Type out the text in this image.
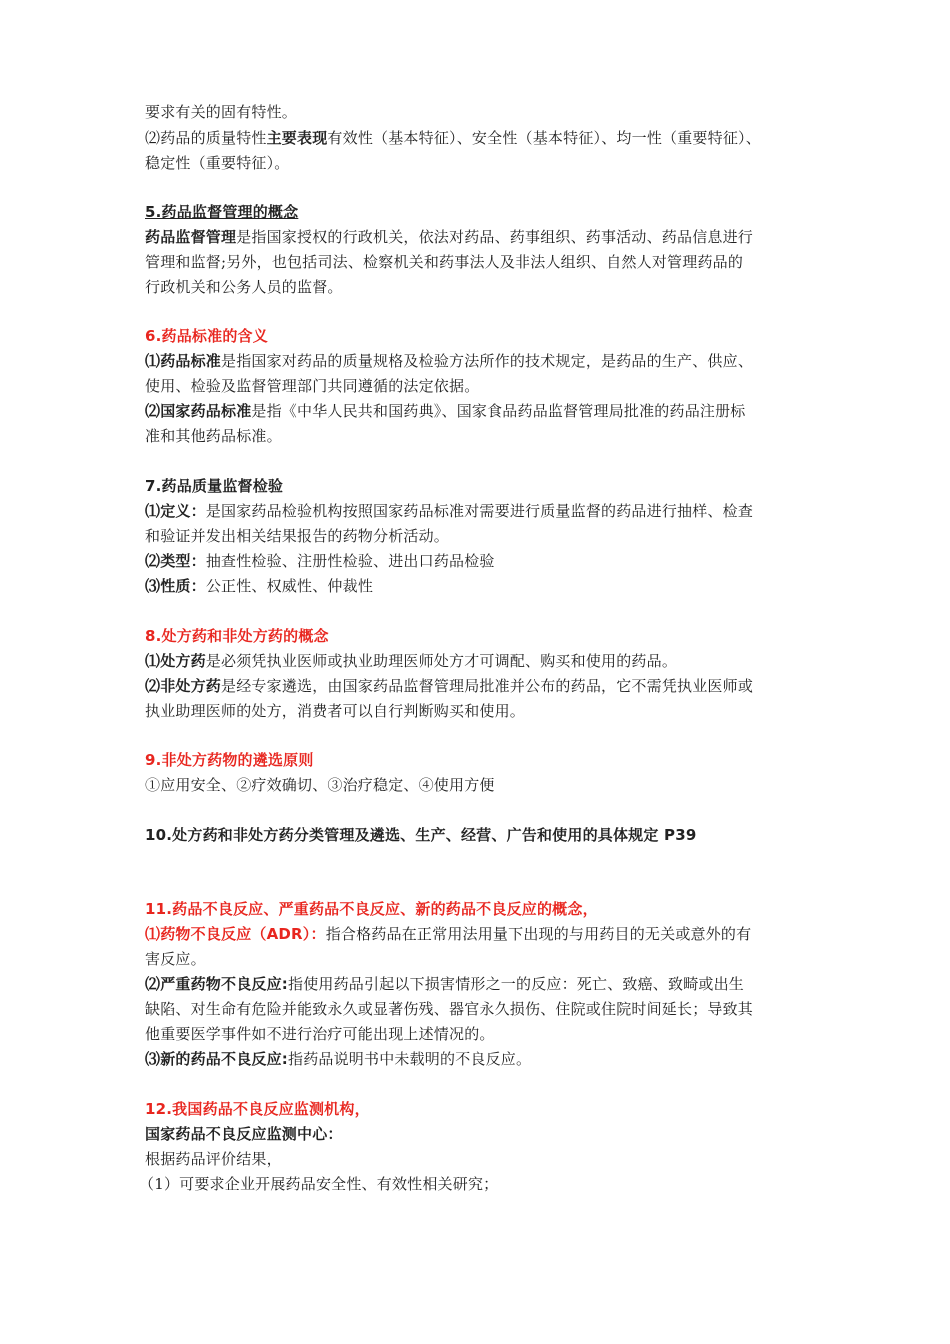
要求有关的固有特性。
⑵药品的质量特性主要表现有效性（基本特征）、安全性（基本特征）、均一性（重要特征）、
稳定性（重要特征）。
5.药品监督管理的概念
药品监督管理是指国家授权的行政机关，依法对药品、药事组织、药事活动、药品信息进行
管理和监督;另外，也包括司法、检察机关和药事法人及非法人组织、自然人对管理药品的
行政机关和公务人员的监督。
6.药品标准的含义
⑴药品标准是指国家对药品的质量规格及检验方法所作的技术规定，是药品的生产、供应、
使用、检验及监督管理部门共同遵循的法定依据。
⑵国家药品标准是指《中华人民共和国药典》、国家食品药品监督管理局批准的药品注册标
准和其他药品标准。
7.药品质量监督检验
⑴定义：是国家药品检验机构按照国家药品标准对需要进行质量监督的药品进行抽样、检查
和验证并发出相关结果报告的药物分析活动。
⑵类型：抽查性检验、注册性检验、进出口药品检验
⑶性质：公正性、权威性、仲裁性
8.处方药和非处方药的概念
⑴处方药是必须凭执业医师或执业助理医师处方才可调配、购买和使用的药品。
⑵非处方药是经专家遴选，由国家药品监督管理局批准并公布的药品，它不需凭执业医师或
执业助理医师的处方，消费者可以自行判断购买和使用。
9.非处方药物的遴选原则
①应用安全、②疗效确切、③治疗稳定、④使用方便
10.处方药和非处方药分类管理及遴选、生产、经营、广告和使用的具体规定 P39
11.药品不良反应、严重药品不良反应、新的药品不良反应的概念，
⑴药物不良反应（ADR）：指合格药品在正常用法用量下出现的与用药目的无关或意外的有
害反应。
⑵严重药物不良反应:指使用药品引起以下损害情形之一的反应：死亡、致癌、致畸或出生
缺陷、对生命有危险并能致永久或显著伤残、器官永久损伤、住院或住院时间延长；导致其
他重要医学事件如不进行治疗可能出现上述情况的。
⑶新的药品不良反应:指药品说明书中未载明的不良反应。
12.我国药品不良反应监测机构，
国家药品不良反应监测中心：
根据药品评价结果，
（1）可要求企业开展药品安全性、有效性相关研究；
